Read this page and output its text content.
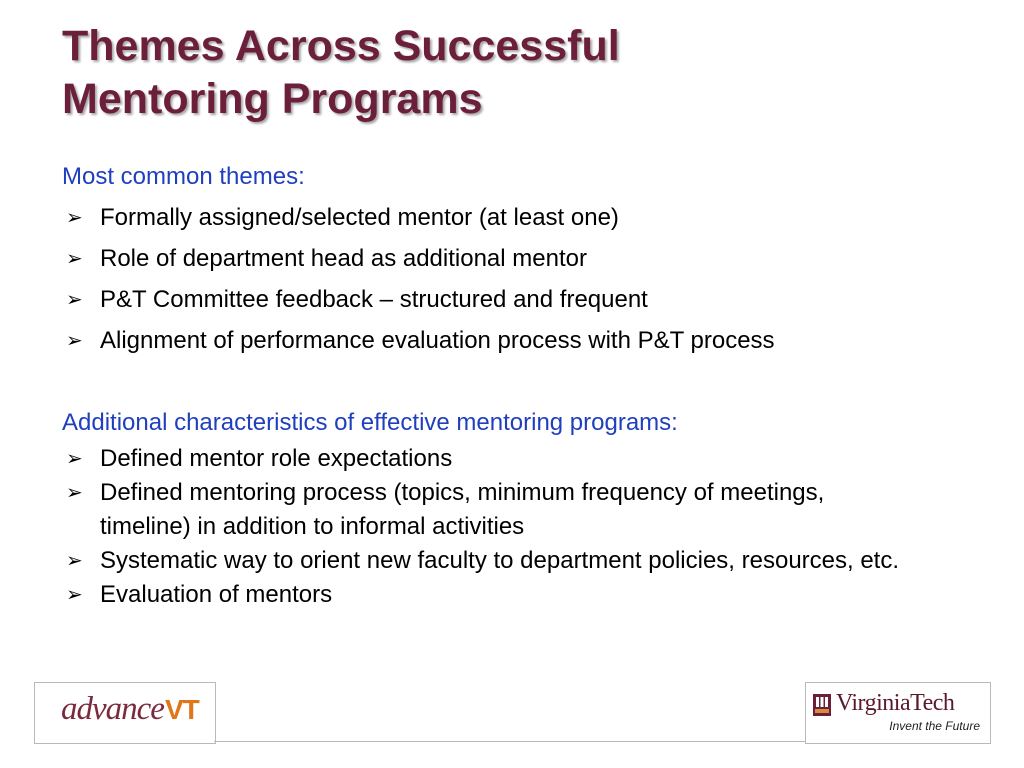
Themes Across Successful
Mentoring Programs

Most common themes:

➢ Formally assigned/selected mentor (at least one)
➢ Role of department head as additional mentor
➢ P&T Committee feedback – structured and frequent
➢ Alignment of performance evaluation process with P&T process

Additional characteristics of effective mentoring programs:

➢ Defined mentor role expectations
➢ Defined mentoring process (topics, minimum frequency of meetings, timeline) in addition to informal activities
➢ Systematic way to orient new faculty to department policies, resources, etc.
➢ Evaluation of mentors
advanceVT	VirginiaTech
Invent the Future
